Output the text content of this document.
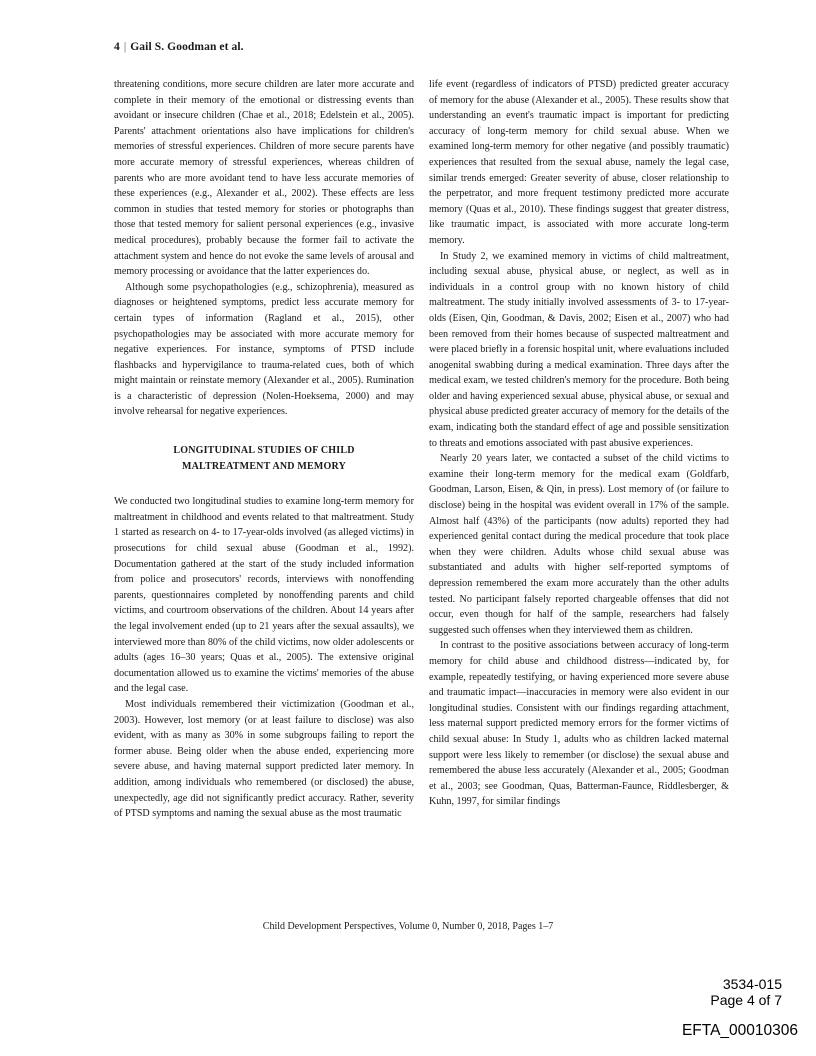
4 | Gail S. Goodman et al.

threatening conditions, more secure children are later more accurate and complete in their memory of the emotional or distressing events than avoidant or insecure children (Chae et al., 2018; Edelstein et al., 2005). Parents' attachment orientations also have implications for children's memories of stressful experiences. Children of more secure parents have more accurate memory of stressful experiences, whereas children of parents who are more avoidant tend to have less accurate memories of these experiences (e.g., Alexander et al., 2002). These effects are less common in studies that tested memory for stories or photographs than those that tested memory for salient personal experiences (e.g., invasive medical procedures), probably because the former fail to activate the attachment system and hence do not evoke the same levels of arousal and memory processing or avoidance that the latter experiences do.

Although some psychopathologies (e.g., schizophrenia), measured as diagnoses or heightened symptoms, predict less accurate memory for certain types of information (Ragland et al., 2015), other psychopathologies may be associated with more accurate memory for negative experiences. For instance, symptoms of PTSD include flashbacks and hypervigilance to trauma-related cues, both of which might maintain or reinstate memory (Alexander et al., 2005). Rumination is a characteristic of depression (Nolen-Hoeksema, 2000) and may involve rehearsal for negative experiences.

LONGITUDINAL STUDIES OF CHILD
MALTREATMENT AND MEMORY

We conducted two longitudinal studies to examine long-term memory for maltreatment in childhood and events related to that maltreatment. Study 1 started as research on 4- to 17-year-olds involved (as alleged victims) in prosecutions for child sexual abuse (Goodman et al., 1992). Documentation gathered at the start of the study included information from police and prosecutors' records, interviews with nonoffending parents, questionnaires completed by nonoffending parents and child victims, and courtroom observations of the children. About 14 years after the legal involvement ended (up to 21 years after the sexual assaults), we interviewed more than 80% of the child victims, now older adolescents or adults (ages 16–30 years; Quas et al., 2005). The extensive original documentation allowed us to examine the victims' memories of the abuse and the legal case.

Most individuals remembered their victimization (Goodman et al., 2003). However, lost memory (or at least failure to disclose) was also evident, with as many as 30% in some subgroups failing to report the former abuse. Being older when the abuse ended, experiencing more severe abuse, and having maternal support predicted later memory. In addition, among individuals who remembered (or disclosed) the abuse, unexpectedly, age did not significantly predict accuracy. Rather, severity of PTSD symptoms and naming the sexual abuse as the most traumatic

life event (regardless of indicators of PTSD) predicted greater accuracy of memory for the abuse (Alexander et al., 2005). These results show that understanding an event's traumatic impact is important for predicting accuracy of long-term memory for child sexual abuse. When we examined long-term memory for other negative (and possibly traumatic) experiences that resulted from the sexual abuse, namely the legal case, similar trends emerged: Greater severity of abuse, closer relationship to the perpetrator, and more frequent testimony predicted more accurate memory (Quas et al., 2010). These findings suggest that greater distress, like traumatic impact, is associated with more accurate long-term memory.

In Study 2, we examined memory in victims of child maltreatment, including sexual abuse, physical abuse, or neglect, as well as in individuals in a control group with no known history of child maltreatment. The study initially involved assessments of 3- to 17-year-olds (Eisen, Qin, Goodman, & Davis, 2002; Eisen et al., 2007) who had been removed from their homes because of suspected maltreatment and were placed briefly in a forensic hospital unit, where evaluations included anogenital swabbing during a medical examination. Three days after the medical exam, we tested children's memory for the procedure. Both being older and having experienced sexual abuse, physical abuse, or sexual and physical abuse predicted greater accuracy of memory for the details of the exam, indicating both the standard effect of age and possible sensitization to threats and emotions associated with past abusive experiences.

Nearly 20 years later, we contacted a subset of the child victims to examine their long-term memory for the medical exam (Goldfarb, Goodman, Larson, Eisen, & Qin, in press). Lost memory of (or failure to disclose) being in the hospital was evident overall in 17% of the sample. Almost half (43%) of the participants (now adults) reported they had experienced genital contact during the medical procedure that took place when they were children. Adults whose child sexual abuse was substantiated and adults with higher self-reported symptoms of depression remembered the exam more accurately than the other adults tested. No participant falsely reported chargeable offenses that did not occur, even though for half of the sample, researchers had falsely suggested such offenses when they interviewed them as children.

In contrast to the positive associations between accuracy of long-term memory for child abuse and childhood distress—indicated by, for example, repeatedly testifying, or having experienced more severe abuse and traumatic impact—inaccuracies in memory were also evident in our longitudinal studies. Consistent with our findings regarding attachment, less maternal support predicted memory errors for the former victims of child sexual abuse: In Study 1, adults who as children lacked maternal support were less likely to remember (or disclose) the sexual abuse and remembered the abuse less accurately (Alexander et al., 2005; Goodman et al., 2003; see Goodman, Quas, Batterman-Faunce, Riddlesberger, & Kuhn, 1997, for similar findings

Child Development Perspectives, Volume 0, Number 0, 2018, Pages 1–7
3534-015
Page 4 of 7
EFTA_00010306
